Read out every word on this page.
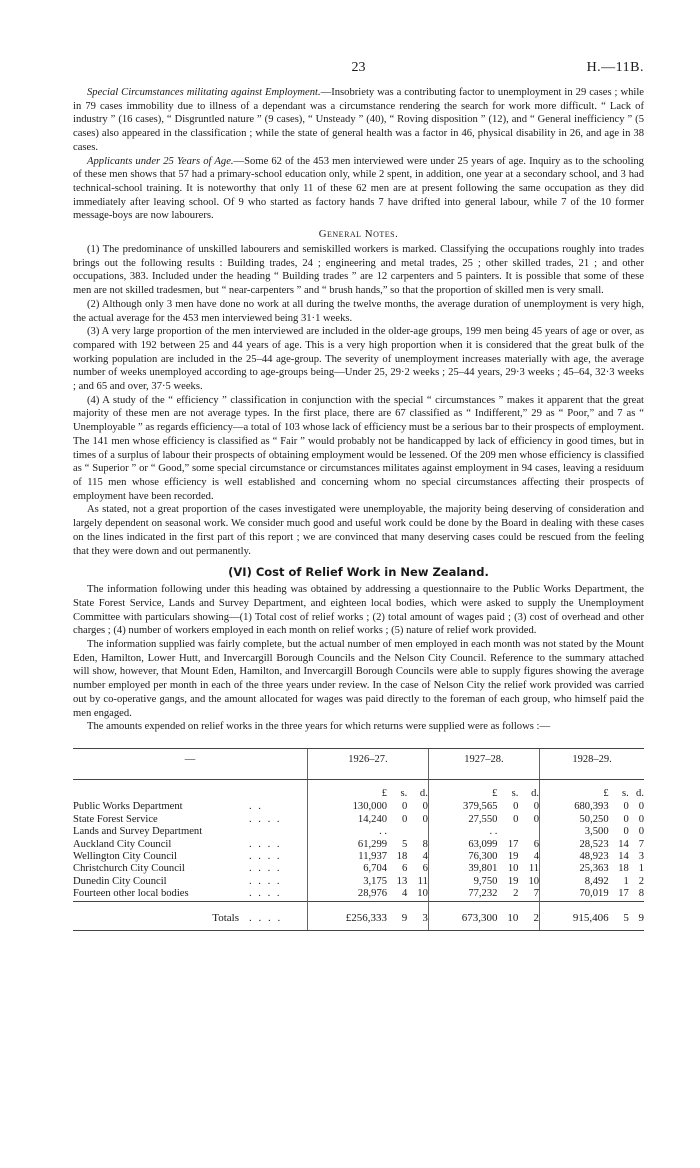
23	H.—11B.

Special Circumstances militating against Employment.—Insobriety was a contributing factor to unemployment in 29 cases ; while in 79 cases immobility due to illness of a dependant was a circumstance rendering the search for work more difficult. “ Lack of industry ” (16 cases), “ Disgruntled nature ” (9 cases), “ Unsteady ” (40), “ Roving disposition ” (12), and “ General inefficiency ” (5 cases) also appeared in the classification ; while the state of general health was a factor in 46, physical disability in 26, and age in 38 cases.

Applicants under 25 Years of Age.—Some 62 of the 453 men interviewed were under 25 years of age. Inquiry as to the schooling of these men shows that 57 had a primary-school education only, while 2 spent, in addition, one year at a secondary school, and 3 had technical-school training. It is noteworthy that only 11 of these 62 men are at present following the same occupation as they did immediately after leaving school. Of 9 who started as factory hands 7 have drifted into general labour, while 7 of the 10 former message-boys are now labourers.

General Notes.

(1) The predominance of unskilled labourers and semiskilled workers is marked. Classifying the occupations roughly into trades brings out the following results : Building trades, 24 ; engineering and metal trades, 25 ; other skilled trades, 21 ; and other occupations, 383. Included under the heading “ Building trades ” are 12 carpenters and 5 painters. It is possible that some of these men are not skilled tradesmen, but “ near-carpenters ” and “ brush hands,” so that the proportion of skilled men is very small.

(2) Although only 3 men have done no work at all during the twelve months, the average duration of unemployment is very high, the actual average for the 453 men interviewed being 31·1 weeks.

(3) A very large proportion of the men interviewed are included in the older-age groups, 199 men being 45 years of age or over, as compared with 192 between 25 and 44 years of age. This is a very high proportion when it is considered that the great bulk of the working population are included in the 25–44 age-group. The severity of unemployment increases materially with age, the average number of weeks unemployed according to age-groups being—Under 25, 29·2 weeks ; 25–44 years, 29·3 weeks ; 45–64, 32·3 weeks ; and 65 and over, 37·5 weeks.

(4) A study of the “ efficiency ” classification in conjunction with the special “ circumstances ” makes it apparent that the great majority of these men are not average types. In the first place, there are 67 classified as “ Indifferent,” 29 as “ Poor,” and 7 as “ Unemployable ” as regards efficiency—a total of 103 whose lack of efficiency must be a serious bar to their prospects of employment. The 141 men whose efficiency is classified as “ Fair ” would probably not be handicapped by lack of efficiency in good times, but in times of a surplus of labour their prospects of obtaining employment would be lessened. Of the 209 men whose efficiency is classified as “ Superior ” or “ Good,” some special circumstance or circumstances militates against employment in 94 cases, leaving a residuum of 115 men whose efficiency is well established and concerning whom no special circumstances affecting their prospects of employment have been recorded.

As stated, not a great proportion of the cases investigated were unemployable, the majority being deserving of consideration and largely dependent on seasonal work. We consider much good and useful work could be done by the Board in dealing with these cases on the lines indicated in the first part of this report ; we are convinced that many deserving cases could be rescued from the feeling that they were down and out permanently.

(VI) Cost of Relief Work in New Zealand.

The information following under this heading was obtained by addressing a questionnaire to the Public Works Department, the State Forest Service, Lands and Survey Department, and eighteen local bodies, which were asked to supply the Unemployment Committee with particulars showing—(1) Total cost of relief works ; (2) total amount of wages paid ; (3) cost of overhead and other charges ; (4) number of workers employed in each month on relief works ; (5) nature of relief work provided.

The information supplied was fairly complete, but the actual number of men employed in each month was not stated by the Mount Eden, Hamilton, Lower Hutt, and Invercargill Borough Councils and the Nelson City Council. Reference to the summary attached will show, however, that Mount Eden, Hamilton, and Invercargill Borough Councils were able to supply figures showing the average number employed per month in each of the three years under review. In the case of Nelson City the relief work provided was carried out by co-operative gangs, and the amount allocated for wages was paid directly to the foreman of each group, who himself paid the men engaged.

The amounts expended on relief works in the three years for which returns were supplied were as follows :—

—		1926–27.			1927–28.			1928–29.		
		£	s.	d.	£	s.	d.	£	s.	d.
Public Works Department	. .	130,000	0	0	379,565	0	0	680,393	0	0
State Forest Service	. . . .	14,240	0	0	27,550	0	0	50,250	0	0
Lands and Survey Department		. .			. .			3,500	0	0
Auckland City Council	. . . .	61,299	5	8	63,099	17	6	28,523	14	7
Wellington City Council	. . . .	11,937	18	4	76,300	19	4	48,923	14	3
Christchurch City Council	. . . .	6,704	6	6	39,801	10	11	25,363	18	1
Dunedin City Council	. . . .	3,175	13	11	9,750	19	10	8,492	1	2
Fourteen other local bodies	. . . .	28,976	4	10	77,232	2	7	70,019	17	8
Totals	. . . .	£256,333	9	3	673,300	10	2	915,406	5	9
